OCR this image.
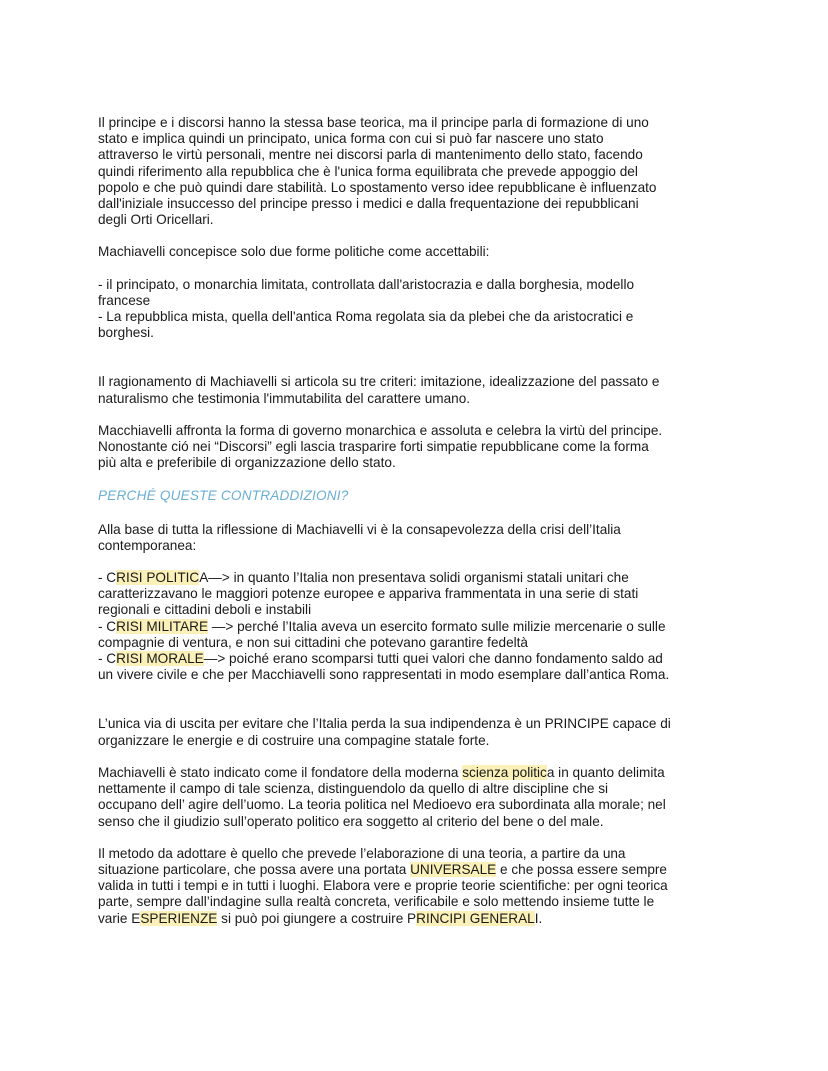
Il principe e i discorsi hanno la stessa base teorica, ma il principe parla di formazione di uno
stato e implica quindi un principato, unica forma con cui si può far nascere uno stato
attraverso le virtù personali, mentre nei discorsi parla di mantenimento dello stato, facendo
quindi riferimento alla repubblica che è l'unica forma equilibrata che prevede appoggio del
popolo e che può quindi dare stabilità. Lo spostamento verso idee repubblicane è influenzato
dall'iniziale insuccesso del principe presso i medici e dalla frequentazione dei repubblicani
degli Orti Oricellari.

Machiavelli concepisce solo due forme politiche come accettabili:

- il principato, o monarchia limitata, controllata dall'aristocrazia e dalla borghesia, modello
francese
- La repubblica mista, quella dell'antica Roma regolata sia da plebei che da aristocratici e
borghesi.

Il ragionamento di Machiavelli si articola su tre criteri: imitazione, idealizzazione del passato e
naturalismo che testimonia l'immutabilita del carattere umano.

Macchiavelli affronta la forma di governo monarchica e assoluta e celebra la virtù del principe.
Nonostante ció nei “Discorsi” egli lascia trasparire forti simpatie repubblicane come la forma
più alta e preferibile di organizzazione dello stato.

PERCHÉ QUESTE CONTRADDIZIONI?

Alla base di tutta la riflessione di Machiavelli vi è la consapevolezza della crisi dell’Italia
contemporanea:

- CRISI POLITICA—> in quanto l’Italia non presentava solidi organismi statali unitari che
caratterizzavano le maggiori potenze europee e appariva frammentata in una serie di stati
regionali e cittadini deboli e instabili
- CRISI MILITARE —> perché l’Italia aveva un esercito formato sulle milizie mercenarie o sulle
compagnie di ventura, e non sui cittadini che potevano garantire fedeltà
- CRISI MORALE—> poiché erano scomparsi tutti quei valori che danno fondamento saldo ad
un vivere civile e che per Macchiavelli sono rappresentati in modo esemplare dall’antica Roma.

L’unica via di uscita per evitare che l’Italia perda la sua indipendenza è un PRINCIPE capace di
organizzare le energie e di costruire una compagine statale forte.

Machiavelli è stato indicato come il fondatore della moderna scienza politica in quanto delimita
nettamente il campo di tale scienza, distinguendolo da quello di altre discipline che si
occupano dell’ agire dell’uomo. La teoria politica nel Medioevo era subordinata alla morale; nel
senso che il giudizio sull’operato politico era soggetto al criterio del bene o del male.

Il metodo da adottare è quello che prevede l’elaborazione di una teoria, a partire da una
situazione particolare, che possa avere una portata UNIVERSALE e che possa essere sempre
valida in tutti i tempi e in tutti i luoghi. Elabora vere e proprie teorie scientifiche: per ogni teorica
parte, sempre dall’indagine sulla realtà concreta, verificabile e solo mettendo insieme tutte le
varie ESPERIENZE si può poi giungere a costruire PRINCIPI GENERALI.
